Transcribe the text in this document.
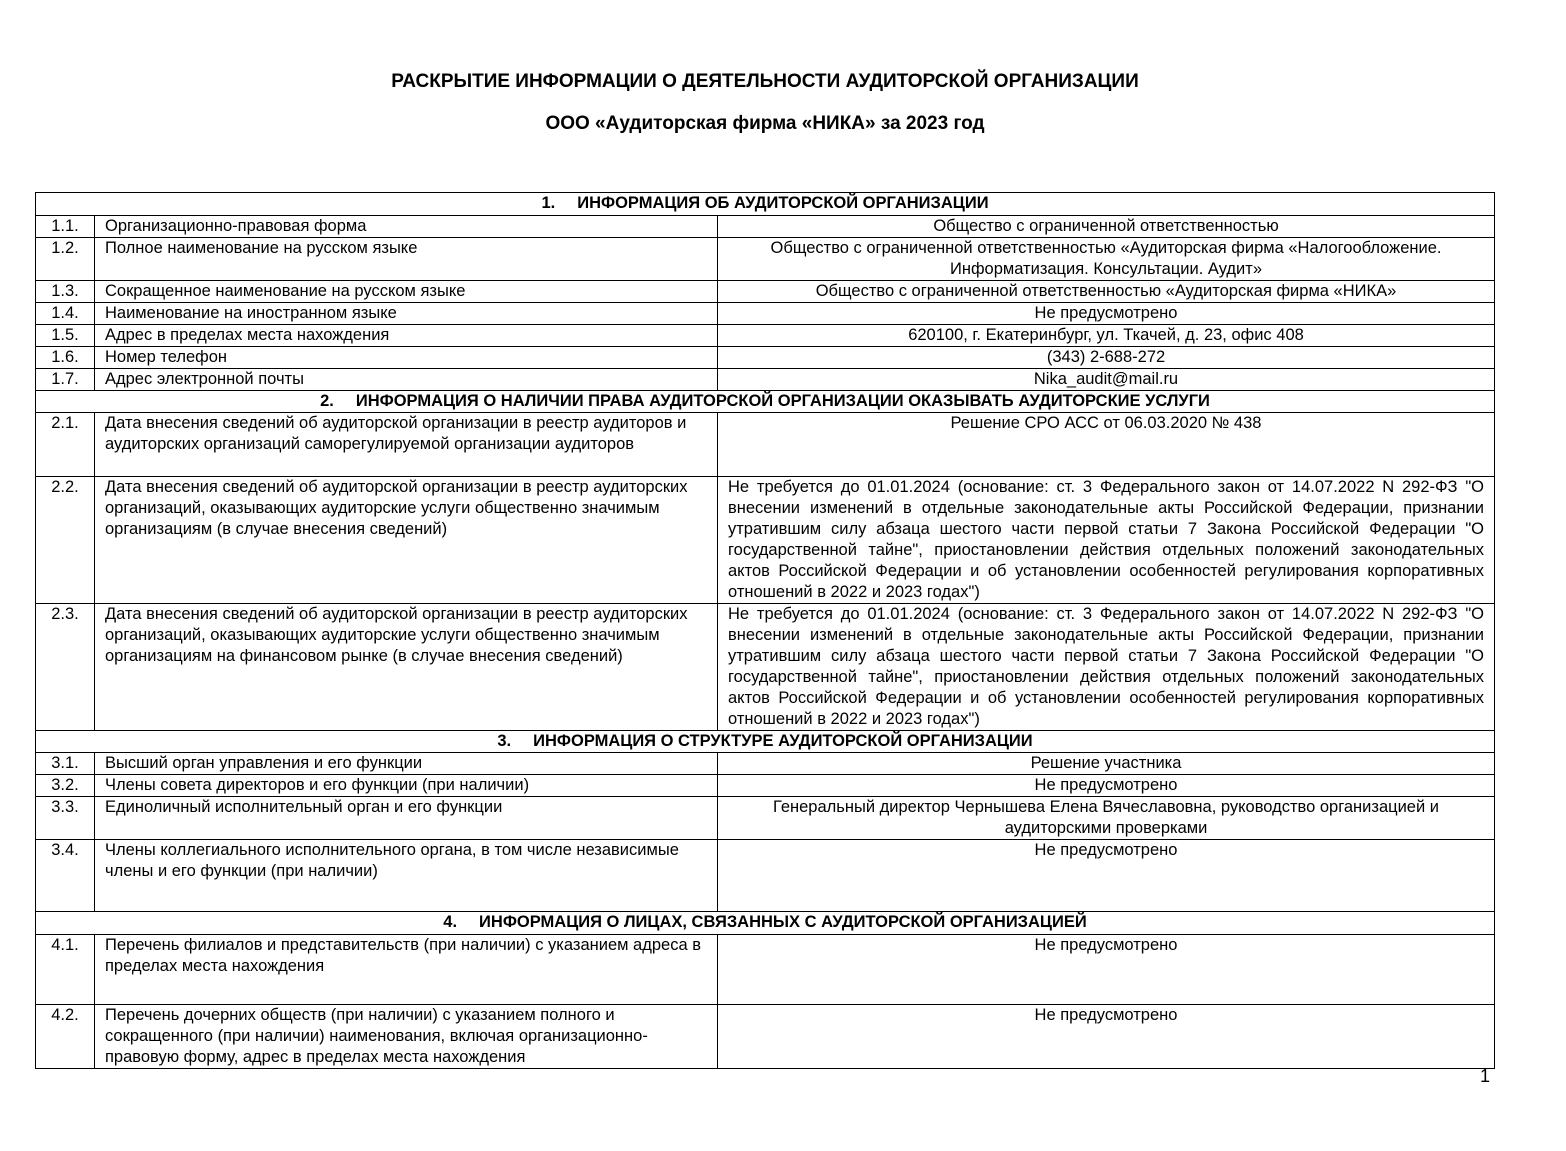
РАСКРЫТИЕ ИНФОРМАЦИИ О ДЕЯТЕЛЬНОСТИ АУДИТОРСКОЙ ОРГАНИЗАЦИИ
ООО «Аудиторская фирма «НИКА» за 2023 год
1. ИНФОРМАЦИЯ ОБ АУДИТОРСКОЙ ОРГАНИЗАЦИИ		
1.1.	Организационно-правовая форма	Общество с ограниченной ответственностью
1.2.	Полное наименование на русском языке	Общество с ограниченной ответственностью «Аудиторская фирма «Налогообложение. Информатизация. Консультации. Аудит»
1.3.	Сокращенное наименование на русском языке	Общество с ограниченной ответственностью «Аудиторская фирма «НИКА»
1.4.	Наименование на иностранном языке	Не предусмотрено
1.5.	Адрес в пределах места нахождения	620100, г. Екатеринбург, ул. Ткачей, д. 23, офис 408
1.6.	Номер телефон	(343) 2-688-272
1.7.	Адрес электронной почты	Nika_audit@mail.ru
2. ИНФОРМАЦИЯ О НАЛИЧИИ ПРАВА АУДИТОРСКОЙ ОРГАНИЗАЦИИ ОКАЗЫВАТЬ АУДИТОРСКИЕ УСЛУГИ		
2.1.	Дата внесения сведений об аудиторской организации в реестр аудиторов и аудиторских организаций саморегулируемой организации аудиторов	Решение СРО АСС от 06.03.2020 № 438
2.2.	Дата внесения сведений об аудиторской организации в реестр аудиторских организаций, оказывающих аудиторские услуги общественно значимым организациям (в случае внесения сведений)	Не требуется до 01.01.2024 (основание: ст. 3 Федерального закон от 14.07.2022 N 292-ФЗ "О внесении изменений в отдельные законодательные акты Российской Федерации, признании утратившим силу абзаца шестого части первой статьи 7 Закона Российской Федерации "О государственной тайне", приостановлении действия отдельных положений законодательных актов Российской Федерации и об установлении особенностей регулирования корпоративных отношений в 2022 и 2023 годах")
2.3.	Дата внесения сведений об аудиторской организации в реестр аудиторских организаций, оказывающих аудиторские услуги общественно значимым организациям на финансовом рынке (в случае внесения сведений)	Не требуется до 01.01.2024 (основание: ст. 3 Федерального закон от 14.07.2022 N 292-ФЗ "О внесении изменений в отдельные законодательные акты Российской Федерации, признании утратившим силу абзаца шестого части первой статьи 7 Закона Российской Федерации "О государственной тайне", приостановлении действия отдельных положений законодательных актов Российской Федерации и об установлении особенностей регулирования корпоративных отношений в 2022 и 2023 годах")
3. ИНФОРМАЦИЯ О СТРУКТУРЕ АУДИТОРСКОЙ ОРГАНИЗАЦИИ		
3.1.	Высший орган управления и его функции	Решение участника
3.2.	Члены совета директоров и его функции (при наличии)	Не предусмотрено
3.3.	Единоличный исполнительный орган и его функции	Генеральный директор Чернышева Елена Вячеславовна, руководство организацией и аудиторскими проверками
3.4.	Члены коллегиального исполнительного органа, в том числе независимые члены и его функции (при наличии)	Не предусмотрено
4. ИНФОРМАЦИЯ О ЛИЦАХ, СВЯЗАННЫХ С АУДИТОРСКОЙ ОРГАНИЗАЦИЕЙ		
4.1.	Перечень филиалов и представительств (при наличии) с указанием адреса в пределах места нахождения	Не предусмотрено
4.2.	Перечень дочерних обществ (при наличии) с указанием полного и сокращенного (при наличии) наименования, включая организационно-правовую форму, адрес в пределах места нахождения	Не предусмотрено
1
